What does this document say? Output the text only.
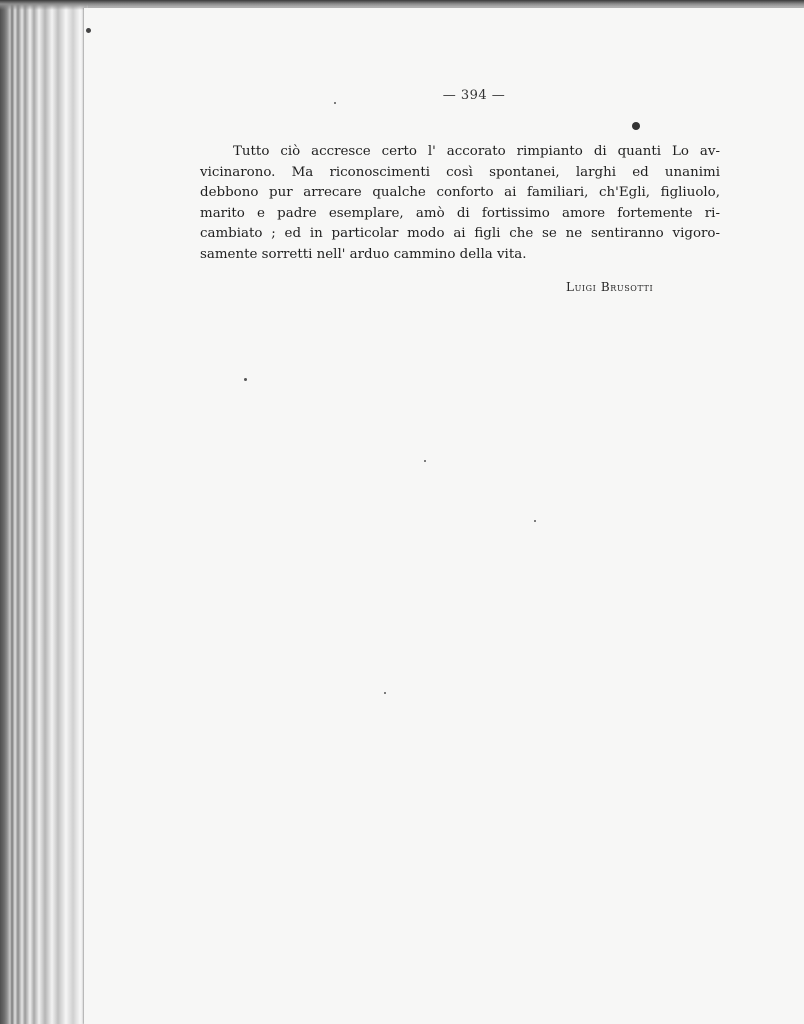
— 394 —
Tutto ciò accresce certo l' accorato rimpianto di quanti Lo av-
vicinarono. Ma riconoscimenti così spontanei, larghi ed unanimi
debbono pur arrecare qualche conforto ai familiari, ch'Egli, figliuolo,
marito e padre esemplare, amò di fortissimo amore fortemente ri-
cambiato ; ed in particolar modo ai figli che se ne sentiranno vigoro-
samente sorretti nell' arduo cammino della vita.
Luigi Brusotti
